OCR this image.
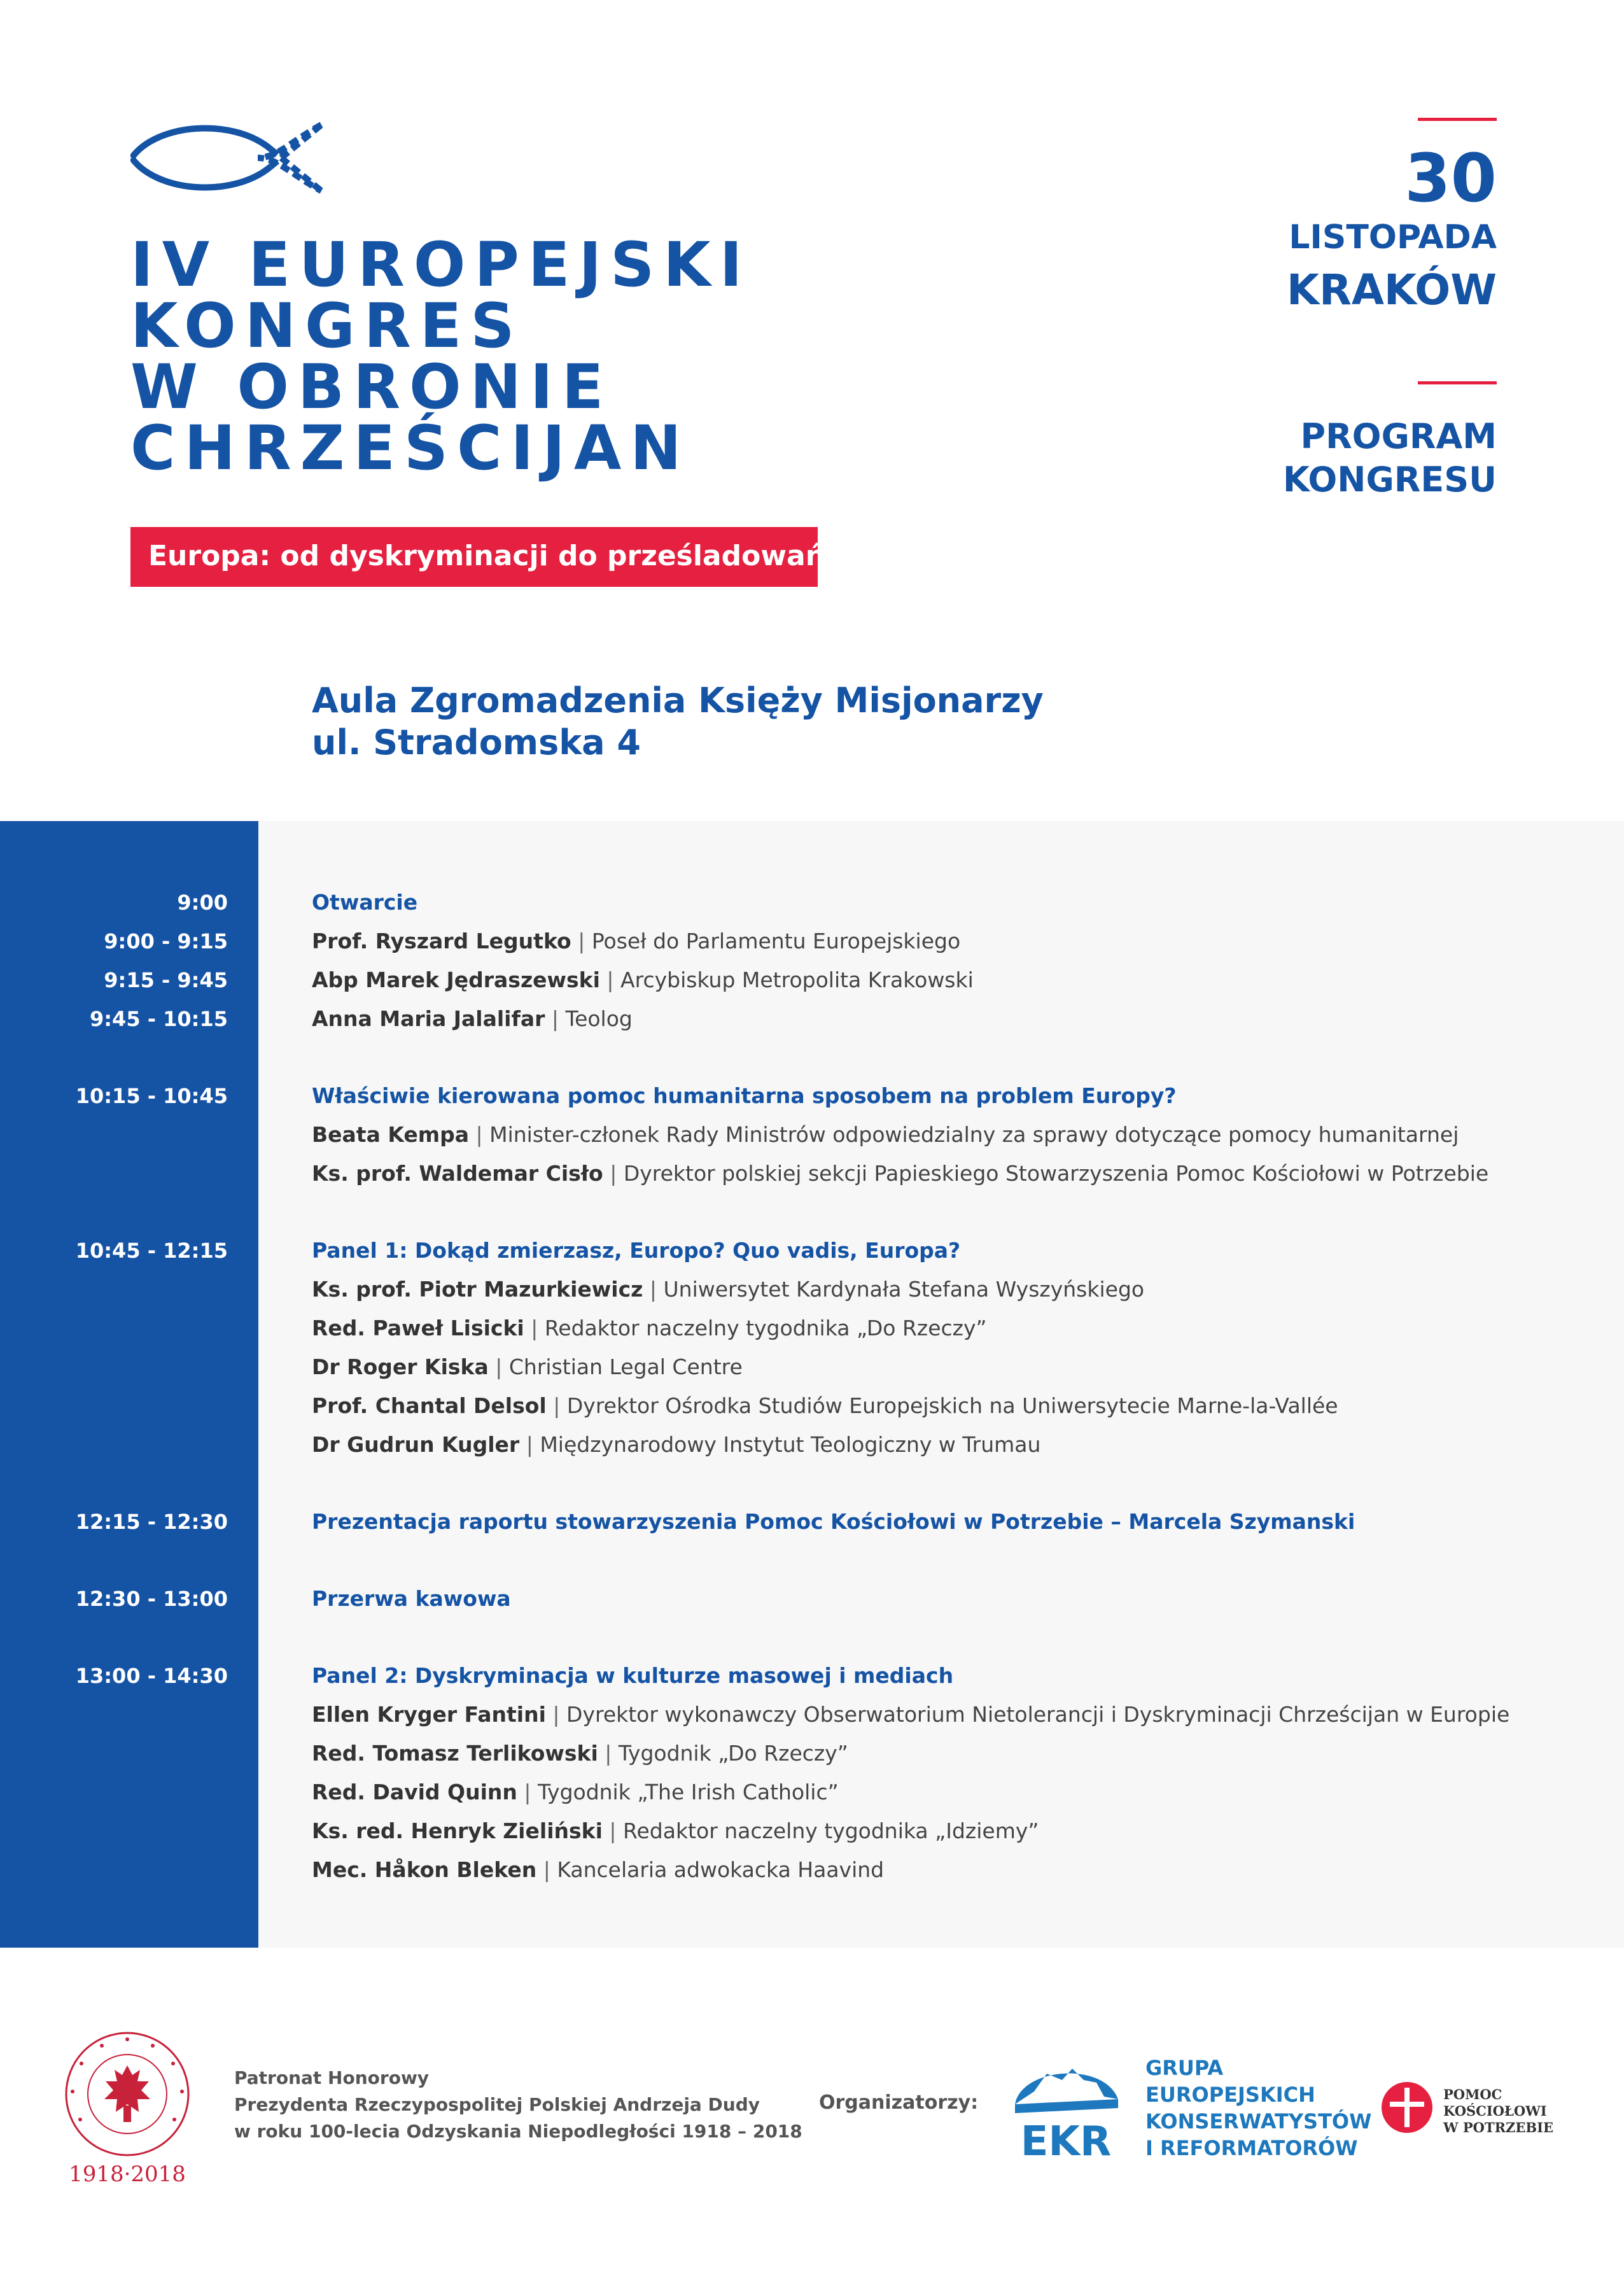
IV EUROPEJSKI
KONGRES
W OBRONIE
CHRZEŚCIJAN
Europa: od dyskryminacji do prześladowań?
30
LISTOPADA
KRAKÓW
PROGRAM
KONGRESU
Aula Zgromadzenia Księży Misjonarzy
ul. Stradomska 4
9:00	Otwarcie
9:00 - 9:15	Prof. Ryszard Legutko | Poseł do Parlamentu Europejskiego
9:15 - 9:45	Abp Marek Jędraszewski | Arcybiskup Metropolita Krakowski
9:45 - 10:15	Anna Maria Jalalifar | Teolog
10:15 - 10:45	Właściwie kierowana pomoc humanitarna sposobem na problem Europy?
Beata Kempa | Minister-członek Rady Ministrów odpowiedzialny za sprawy dotyczące pomocy humanitarnej
Ks. prof. Waldemar Cisło | Dyrektor polskiej sekcji Papieskiego Stowarzyszenia Pomoc Kościołowi w Potrzebie
10:45 - 12:15	Panel 1: Dokąd zmierzasz, Europo? Quo vadis, Europa?
Ks. prof. Piotr Mazurkiewicz | Uniwersytet Kardynała Stefana Wyszyńskiego
Red. Paweł Lisicki | Redaktor naczelny tygodnika „Do Rzeczy”
Dr Roger Kiska | Christian Legal Centre
Prof. Chantal Delsol | Dyrektor Ośrodka Studiów Europejskich na Uniwersytecie Marne-la-Vallée
Dr Gudrun Kugler | Międzynarodowy Instytut Teologiczny w Trumau
12:15 - 12:30	Prezentacja raportu stowarzyszenia Pomoc Kościołowi w Potrzebie – Marcela Szymanski
12:30 - 13:00	Przerwa kawowa
13:00 - 14:30	Panel 2: Dyskryminacja w kulturze masowej i mediach
Ellen Kryger Fantini | Dyrektor wykonawczy Obserwatorium Nietolerancji i Dyskryminacji Chrześcijan w Europie
Red. Tomasz Terlikowski | Tygodnik „Do Rzeczy”
Red. David Quinn | Tygodnik „The Irish Catholic”
Ks. red. Henryk Zieliński | Redaktor naczelny tygodnika „Idziemy”
Mec. Håkon Bleken | Kancelaria adwokacka Haavind
1918·2018
Patronat Honorowy
Prezydenta Rzeczypospolitej Polskiej Andrzeja Dudy
w roku 100-lecia Odzyskania Niepodległości 1918 – 2018
Organizatorzy:
EKR
GRUPA
EUROPEJSKICH
KONSERWATYSTÓW
I REFORMATORÓW
POMOC
KOŚCIOŁOWI
W POTRZEBIE
